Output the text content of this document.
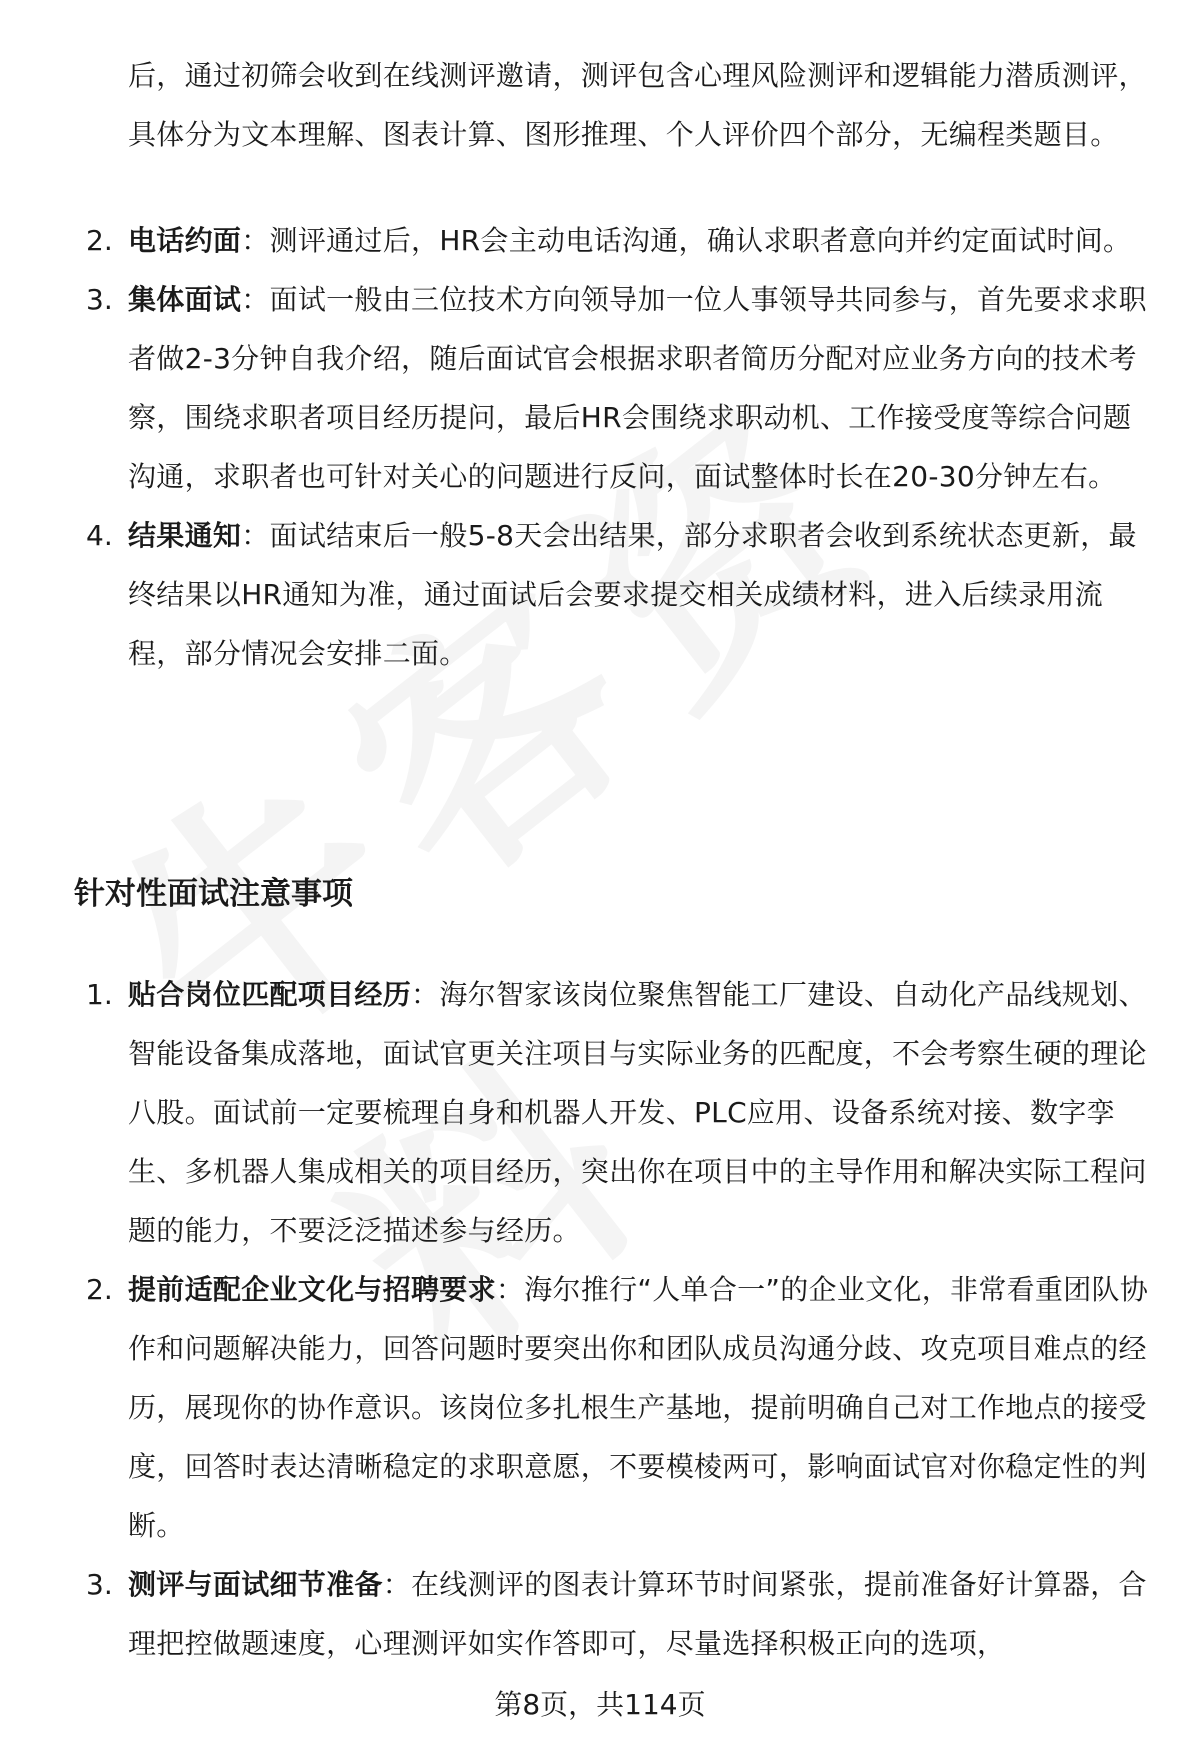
后，通过初筛会收到在线测评邀请，测评包含心理风险测评和逻辑能力潜质测评，具体分为文本理解、图表计算、图形推理、个人评价四个部分，无编程类题目。
2. 电话约面：测评通过后，HR会主动电话沟通，确认求职者意向并约定面试时间。
3. 集体面试：面试一般由三位技术方向领导加一位人事领导共同参与，首先要求求职者做2-3分钟自我介绍，随后面试官会根据求职者简历分配对应业务方向的技术考察，围绕求职者项目经历提问，最后HR会围绕求职动机、工作接受度等综合问题沟通，求职者也可针对关心的问题进行反问，面试整体时长在20-30分钟左右。
4. 结果通知：面试结束后一般5-8天会出结果，部分求职者会收到系统状态更新，最终结果以HR通知为准，通过面试后会要求提交相关成绩材料，进入后续录用流程，部分情况会安排二面。
针对性面试注意事项
1. 贴合岗位匹配项目经历：海尔智家该岗位聚焦智能工厂建设、自动化产品线规划、智能设备集成落地，面试官更关注项目与实际业务的匹配度，不会考察生硬的理论八股。面试前一定要梳理自身和机器人开发、PLC应用、设备系统对接、数字孪生、多机器人集成相关的项目经历，突出你在项目中的主导作用和解决实际工程问题的能力，不要泛泛描述参与经历。
2. 提前适配企业文化与招聘要求：海尔推行“人单合一”的企业文化，非常看重团队协作和问题解决能力，回答问题时要突出你和团队成员沟通分歧、攻克项目难点的经历，展现你的协作意识。该岗位多扎根生产基地，提前明确自己对工作地点的接受度，回答时表达清晰稳定的求职意愿，不要模棱两可，影响面试官对你稳定性的判断。
3. 测评与面试细节准备：在线测评的图表计算环节时间紧张，提前准备好计算器，合理把控做题速度，心理测评如实作答即可，尽量选择积极正向的选项，
第8页，共114页
